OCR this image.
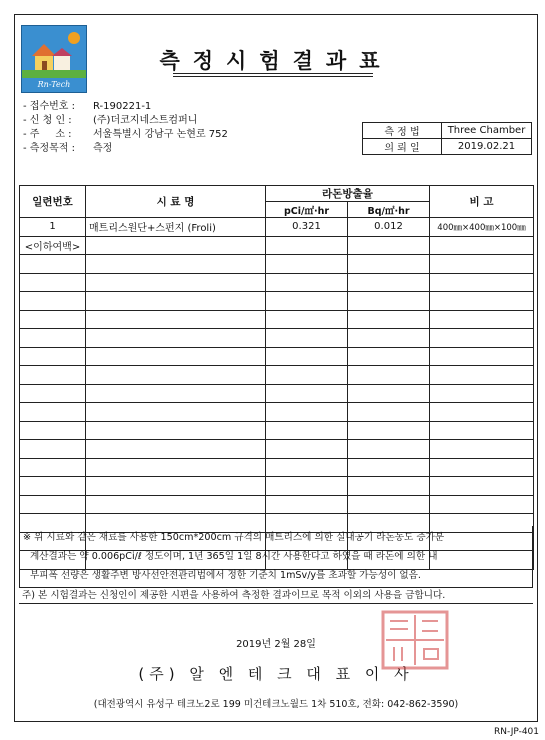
Rn-Tech
측정시험결과표
- 접수번호 :	R-190221-1
- 신 청 인 :	(주)더코지네스트컴퍼니
- 주     소 :	서울특별시 강남구 논현로 752
- 측정목적 :	측정
측 정 법	Three Chamber
의 뢰 일	2019.02.21
일련번호	시 료 명	라돈방출율		비 고
		pCi/㎡·hr	Bq/㎡·hr	
1	매트리스원단+스펀지 (Froli)	0.321	0.012	400㎜×400㎜×100㎜
<이하여백>				

※ 위 시료와 같은 재료를 사용한 150cm*200cm 규격의 매트리스에 의한 실내공기 라돈농도 증가분
계산결과는 약 0.006pCi/ℓ 정도이며, 1년 365일 1일 8시간 사용한다고 하였을 때 라돈에 의한 내
부피폭 선량은 생활주변 방사선안전관리법에서 정한 기준치 1mSv/y를 초과할 가능성이 없음.
주) 본 시험결과는 신청인이 제공한 시편을 사용하여 측정한 결과이므로 목적 이외의 사용을 금합니다.
2019년 2월 28일
(주) 알 엔 테 크 대 표 이 사
(대전광역시 유성구 테크노2로 199 미건테크노월드 1차 510호, 전화: 042-862-3590)
RN-JP-401
